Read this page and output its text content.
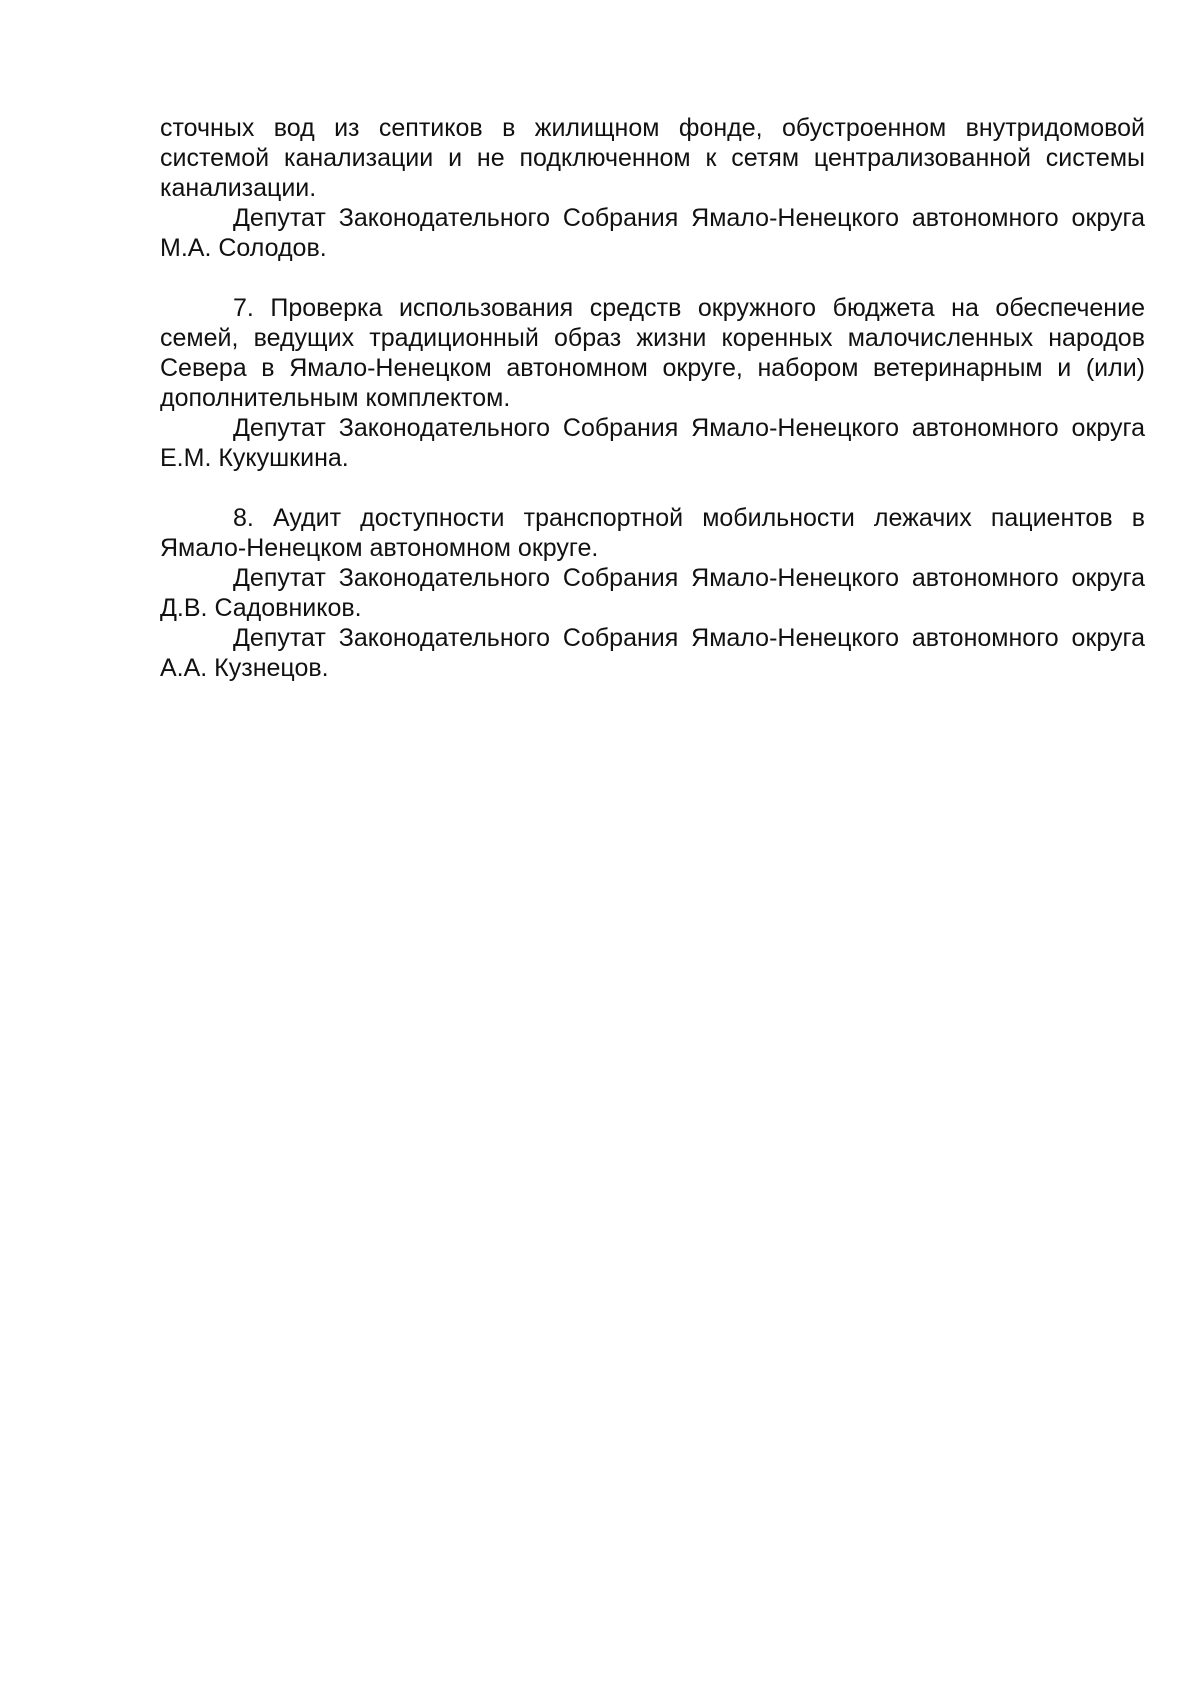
сточных вод из септиков в жилищном фонде, обустроенном внутридомовой системой канализации и не подключенном к сетям централизованной системы канализации.

Депутат Законодательного Собрания Ямало-Ненецкого автономного округа М.А. Солодов.

7. Проверка использования средств окружного бюджета на обеспечение семей, ведущих традиционный образ жизни коренных малочисленных народов Севера в Ямало-Ненецком автономном округе, набором ветеринарным и (или) дополнительным комплектом.

Депутат Законодательного Собрания Ямало-Ненецкого автономного округа Е.М. Кукушкина.

8. Аудит доступности транспортной мобильности лежачих пациентов в Ямало-Ненецком автономном округе.

Депутат Законодательного Собрания Ямало-Ненецкого автономного округа Д.В. Садовников.

Депутат Законодательного Собрания Ямало-Ненецкого автономного округа А.А. Кузнецов.
